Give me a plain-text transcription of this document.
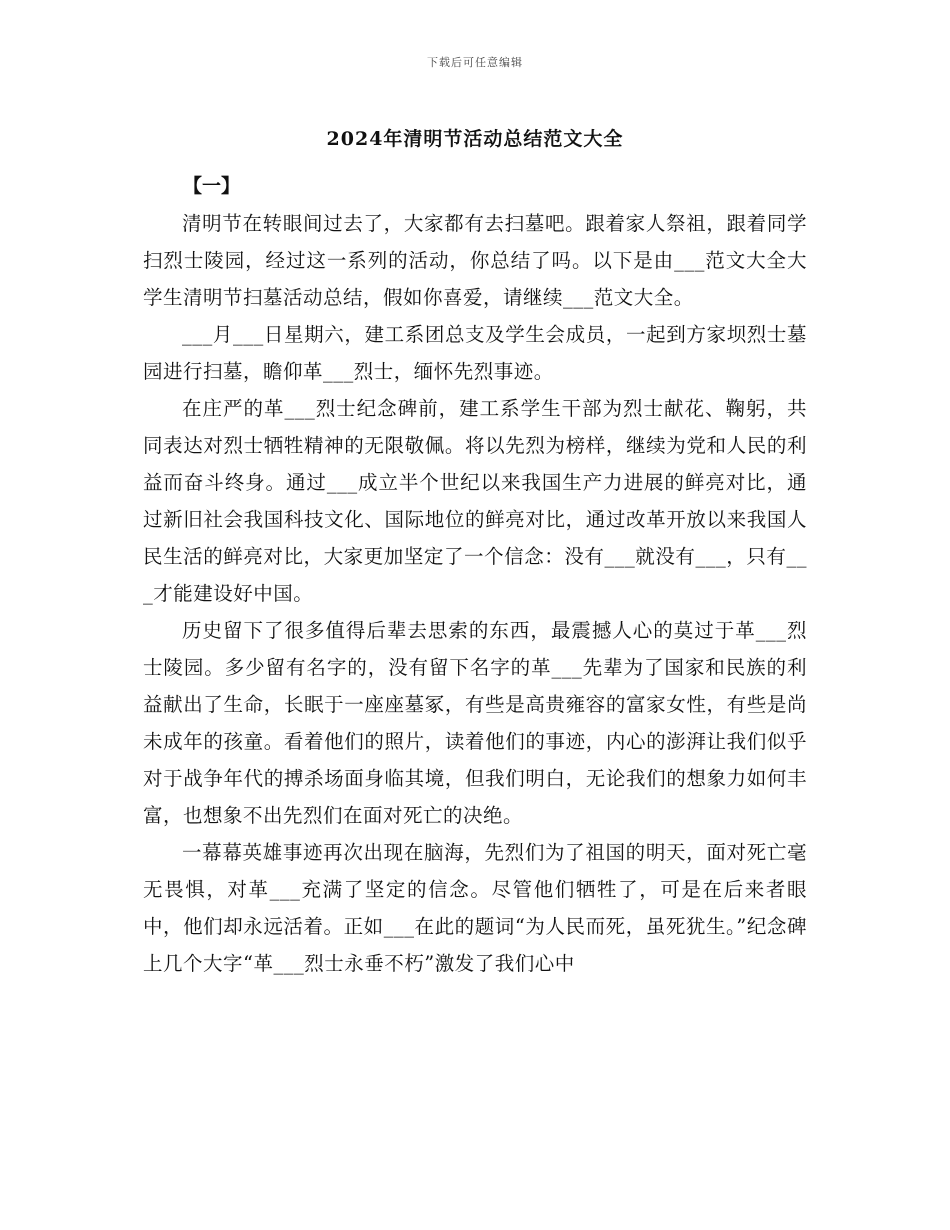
下载后可任意编辑
2024年清明节活动总结范文大全

【一】

清明节在转眼间过去了，大家都有去扫墓吧。跟着家人祭祖，跟着同学扫烈士陵园，经过这一系列的活动，你总结了吗。以下是由___范文大全大学生清明节扫墓活动总结，假如你喜爱，请继续___范文大全。

___月___日星期六，建工系团总支及学生会成员，一起到方家坝烈士墓园进行扫墓，瞻仰革___烈士，缅怀先烈事迹。

在庄严的革___烈士纪念碑前，建工系学生干部为烈士献花、鞠躬，共同表达对烈士牺牲精神的无限敬佩。将以先烈为榜样，继续为党和人民的利益而奋斗终身。通过___成立半个世纪以来我国生产力进展的鲜亮对比，通过新旧社会我国科技文化、国际地位的鲜亮对比，通过改革开放以来我国人民生活的鲜亮对比，大家更加坚定了一个信念：没有___就没有___，只有___才能建设好中国。

历史留下了很多值得后辈去思索的东西，最震撼人心的莫过于革___烈士陵园。多少留有名字的，没有留下名字的革___先辈为了国家和民族的利益献出了生命，长眠于一座座墓冢，有些是高贵雍容的富家女性，有些是尚未成年的孩童。看着他们的照片，读着他们的事迹，内心的澎湃让我们似乎对于战争年代的搏杀场面身临其境，但我们明白，无论我们的想象力如何丰富，也想象不出先烈们在面对死亡的决绝。

一幕幕英雄事迹再次出现在脑海，先烈们为了祖国的明天，面对死亡毫无畏惧，对革___充满了坚定的信念。尽管他们牺牲了，可是在后来者眼中，他们却永远活着。正如___在此的题词“为人民而死，虽死犹生。”纪念碑上几个大字“革___烈士永垂不朽”激发了我们心中
